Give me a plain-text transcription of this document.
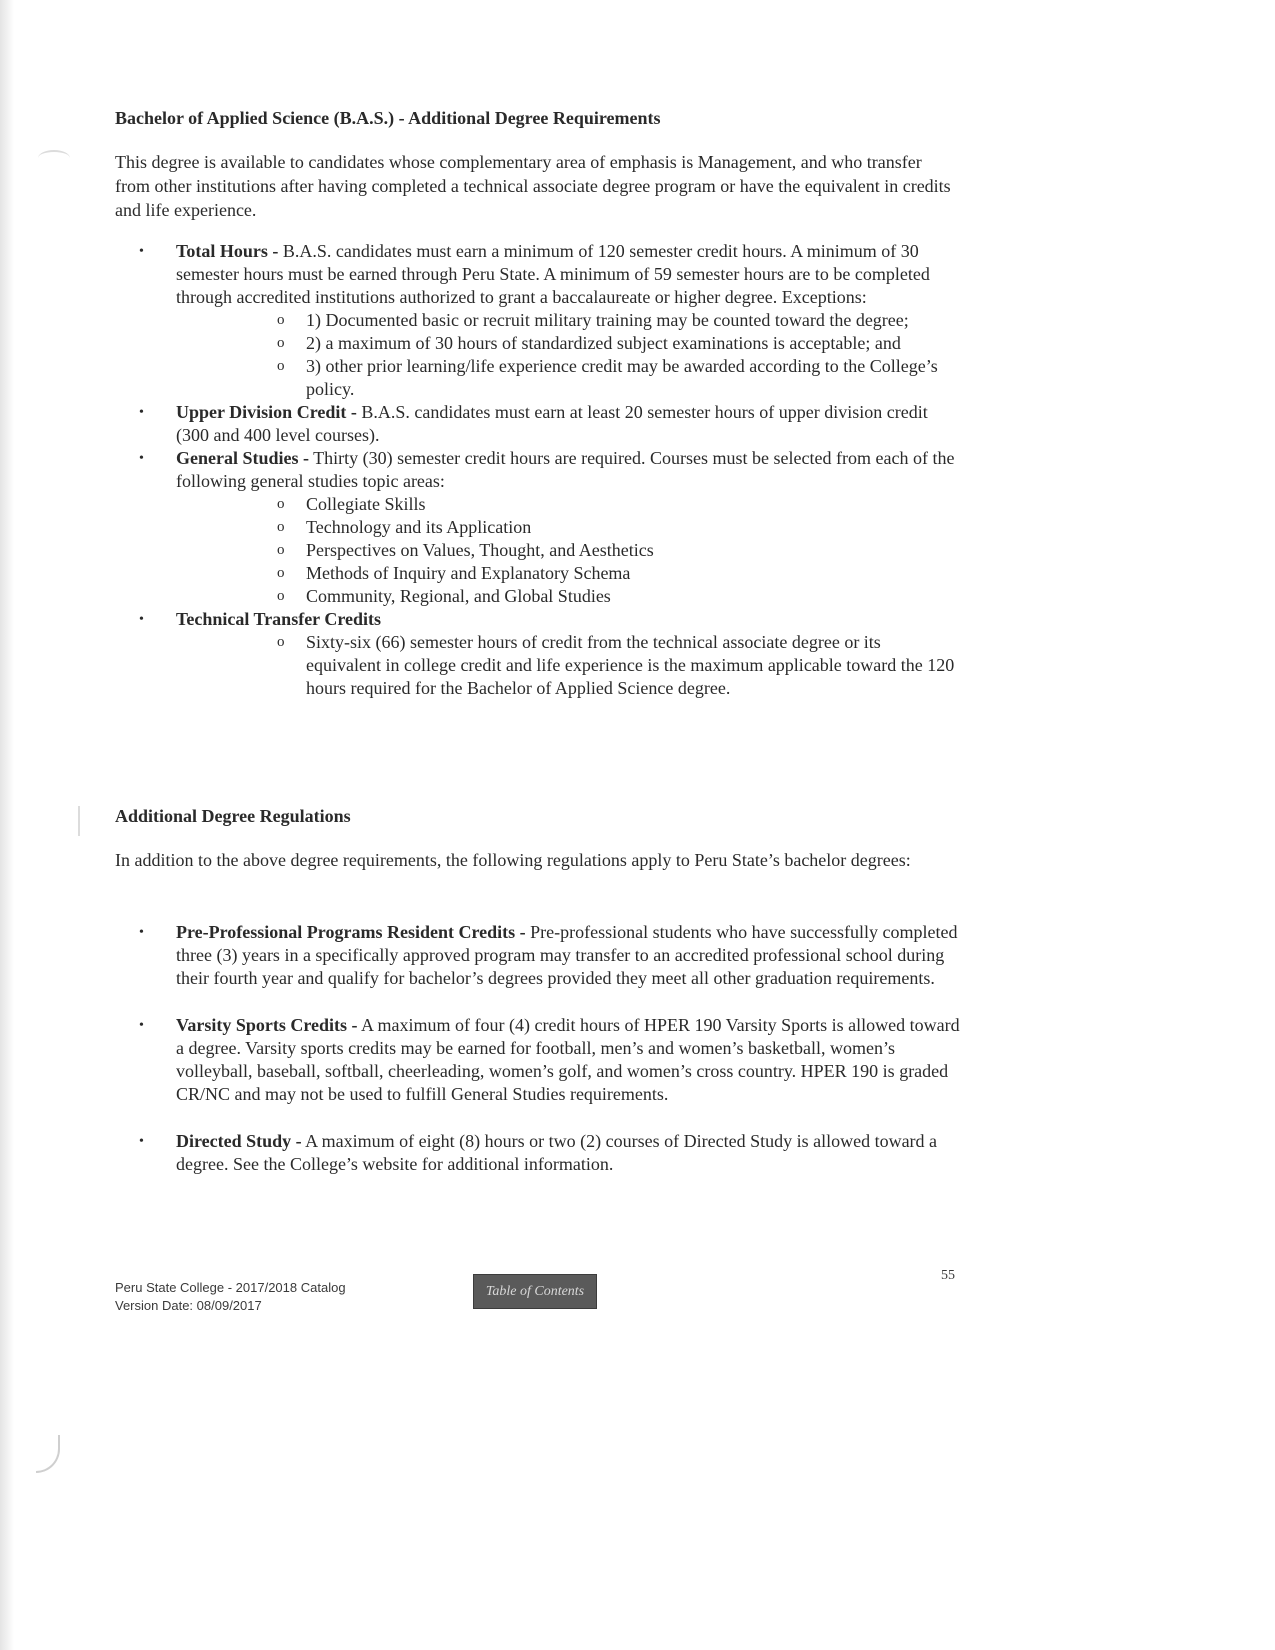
Bachelor of Applied Science (B.A.S.) - Additional Degree Requirements

This degree is available to candidates whose complementary area of emphasis is Management, and who transfer from other institutions after having completed a technical associate degree program or have the equivalent in credits and life experience.

• Total Hours - B.A.S. candidates must earn a minimum of 120 semester credit hours. A minimum of 30 semester hours must be earned through Peru State. A minimum of 59 semester hours are to be completed through accredited institutions authorized to grant a baccalaureate or higher degree. Exceptions:
o 1) Documented basic or recruit military training may be counted toward the degree;
o 2) a maximum of 30 hours of standardized subject examinations is acceptable; and
o 3) other prior learning/life experience credit may be awarded according to the College’s policy.
• Upper Division Credit - B.A.S. candidates must earn at least 20 semester hours of upper division credit (300 and 400 level courses).
• General Studies - Thirty (30) semester credit hours are required. Courses must be selected from each of the following general studies topic areas:
o Collegiate Skills
o Technology and its Application
o Perspectives on Values, Thought, and Aesthetics
o Methods of Inquiry and Explanatory Schema
o Community, Regional, and Global Studies
• Technical Transfer Credits
o Sixty-six (66) semester hours of credit from the technical associate degree or its equivalent in college credit and life experience is the maximum applicable toward the 120 hours required for the Bachelor of Applied Science degree.
Additional Degree Regulations

In addition to the above degree requirements, the following regulations apply to Peru State’s bachelor degrees:

• Pre-Professional Programs Resident Credits - Pre-professional students who have successfully completed three (3) years in a specifically approved program may transfer to an accredited professional school during their fourth year and qualify for bachelor’s degrees provided they meet all other graduation requirements.
• Varsity Sports Credits - A maximum of four (4) credit hours of HPER 190 Varsity Sports is allowed toward a degree. Varsity sports credits may be earned for football, men’s and women’s basketball, women’s volleyball, baseball, softball, cheerleading, women’s golf, and women’s cross country. HPER 190 is graded CR/NC and may not be used to fulfill General Studies requirements.
• Directed Study - A maximum of eight (8) hours or two (2) courses of Directed Study is allowed toward a degree. See the College’s website for additional information.
Peru State College - 2017/2018 Catalog
Version Date: 08/09/2017
Table of Contents
55
